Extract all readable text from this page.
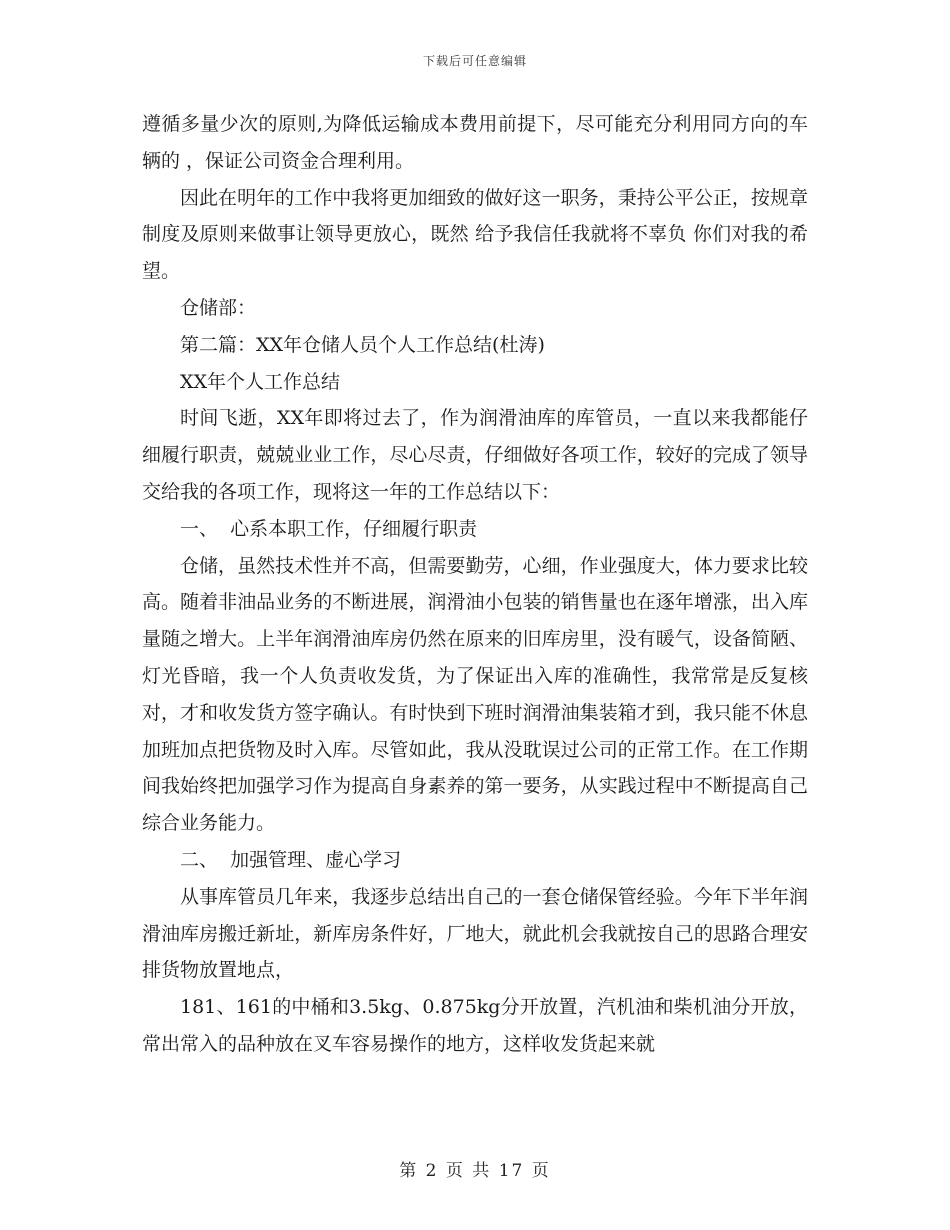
下载后可任意编辑

遵循多量少次的原则,为降低运输成本费用前提下，尽可能充分利用同方向的车辆的 ，保证公司资金合理利用。

因此在明年的工作中我将更加细致的做好这一职务，秉持公平公正，按规章制度及原则来做事让领导更放心，既然 给予我信任我就将不辜负 你们对我的希望。

仓储部：

第二篇：XX年仓储人员个人工作总结(杜涛)

XX年个人工作总结

时间飞逝，XX年即将过去了，作为润滑油库的库管员，一直以来我都能仔细履行职责，兢兢业业工作，尽心尽责，仔细做好各项工作，较好的完成了领导交给我的各项工作，现将这一年的工作总结以下：

一、  心系本职工作，仔细履行职责

仓储，虽然技术性并不高，但需要勤劳，心细，作业强度大，体力要求比较高。随着非油品业务的不断进展，润滑油小包装的销售量也在逐年增涨，出入库量随之增大。上半年润滑油库房仍然在原来的旧库房里，没有暖气，设备简陋、灯光昏暗，我一个人负责收发货，为了保证出入库的准确性，我常常是反复核对，才和收发货方签字确认。有时快到下班时润滑油集装箱才到，我只能不休息加班加点把货物及时入库。尽管如此，我从没耽误过公司的正常工作。在工作期间我始终把加强学习作为提高自身素养的第一要务，从实践过程中不断提高自己综合业务能力。

二、  加强管理、虚心学习

从事库管员几年来，我逐步总结出自己的一套仓储保管经验。今年下半年润滑油库房搬迁新址，新库房条件好，厂地大，就此机会我就按自己的思路合理安排货物放置地点，

181、161的中桶和3.5kg、0.875kg分开放置，汽机油和柴机油分开放，常出常入的品种放在叉车容易操作的地方，这样收发货起来就

第 2 页 共 17 页
